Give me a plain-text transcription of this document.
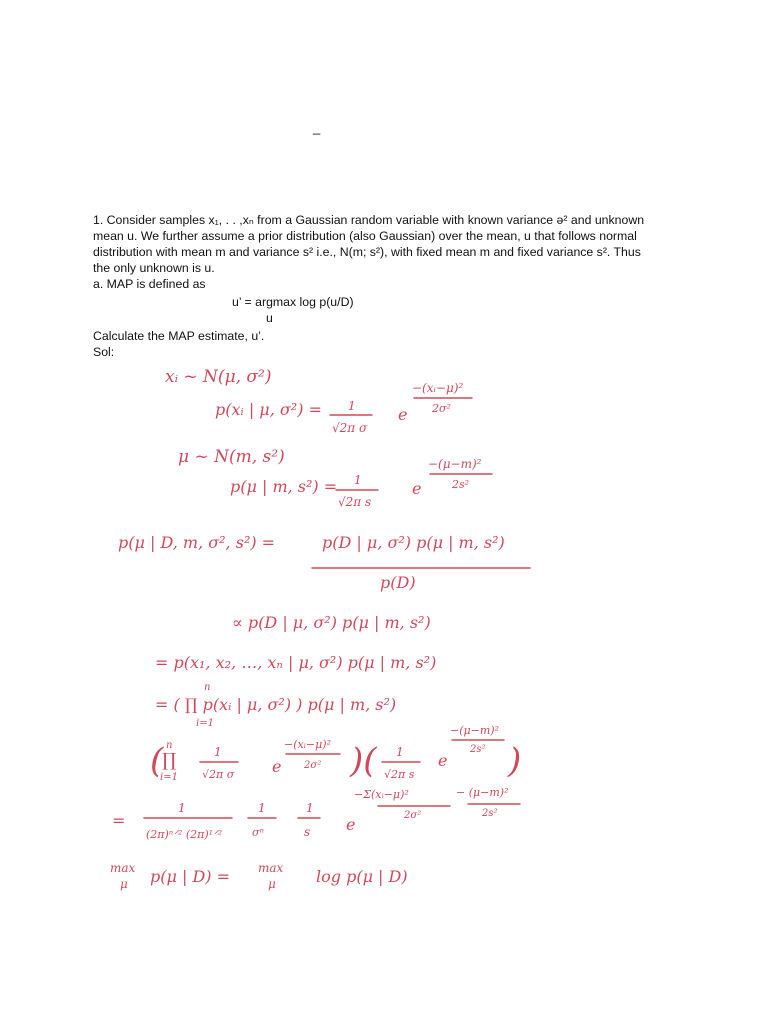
_

1. Consider samples x₁, . . ,xₙ from a Gaussian random variable with known variance ə² and unknown

mean u. We further assume a prior distribution (also Gaussian) over the mean, u that follows normal

distribution with mean m and variance s² i.e., N(m; s²), with fixed mean m and fixed variance s². Thus

the only unknown is u.

a. MAP is defined as

u’ = argmax log p(u/D)
u

Calculate the MAP estimate, u’.

Sol:

xᵢ ~ N(μ, σ²)
p(xᵢ | μ, σ²) = 1
√2π σ
e
−(xᵢ−μ)²
2σ²
μ ~ N(m, s²)
p(μ | m, s²) = 1
√2π s
e
−(μ−m)²
2s²
p(μ | D, m, σ², s²) =	p(D | μ, σ²) p(μ | m, s²)
p(D)
∝ p(D | μ, σ²) p(μ | m, s²)
= p(x₁, x₂, …, xₙ | μ, σ²) p(μ | m, s²)
n
= ( ∏ p(xᵢ | μ, σ²) ) p(μ | m, s²)
i=1
( n
∏
i=1
1
√2π σ e
−(xᵢ−μ)²
2σ² )( 1
√2π s
e
−(μ−m)²
2s² )
=
1
(2π)ⁿᐟ² (2π)¹ᐟ²
1
σⁿ
1
s e
−Σ(xᵢ−μ)²
2σ²
− (μ−m)²
2s²
max
μ p(μ | D) = max
μ	log p(μ | D)
